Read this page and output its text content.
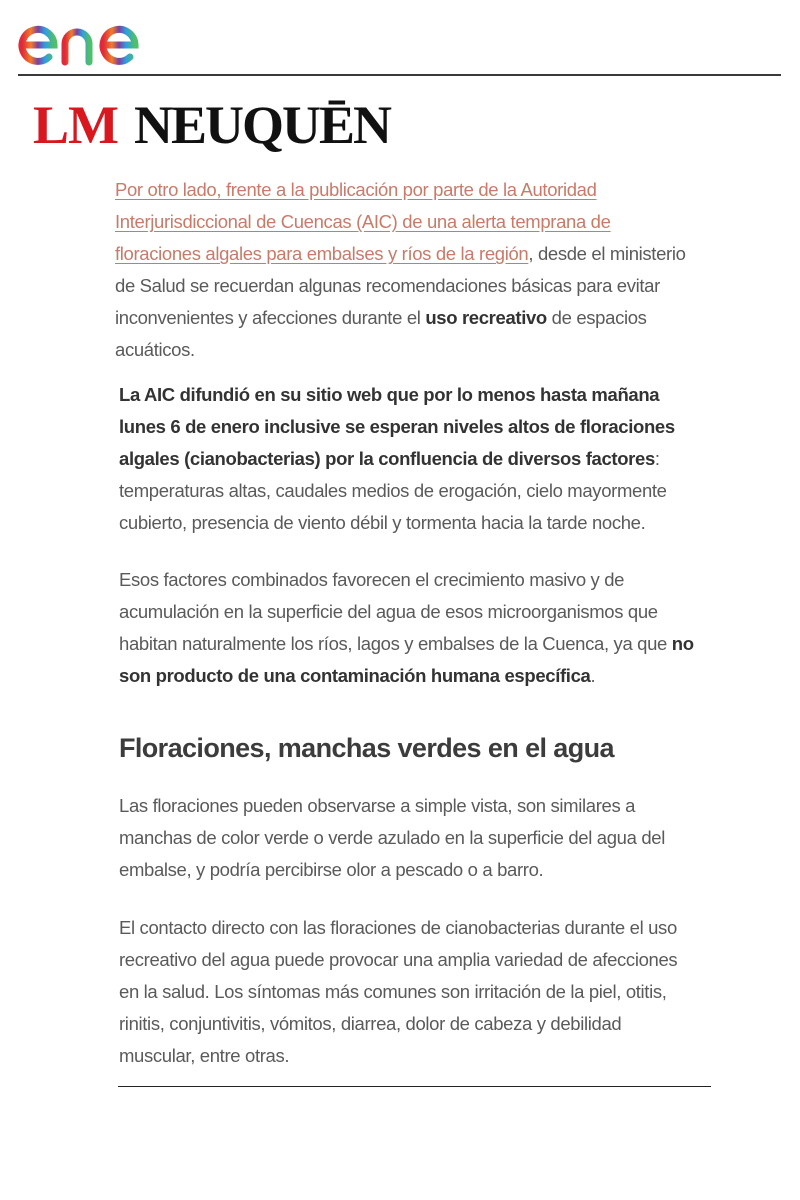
LM NEUQUĒN

Por otro lado, frente a la publicación por parte de la Autoridad Interjurisdiccional de Cuencas (AIC) de una alerta temprana de floraciones algales para embalses y ríos de la región, desde el ministerio de Salud se recuerdan algunas recomendaciones básicas para evitar inconvenientes y afecciones durante el uso recreativo de espacios acuáticos.

La AIC difundió en su sitio web que por lo menos hasta mañana lunes 6 de enero inclusive se esperan niveles altos de floraciones algales (cianobacterias) por la confluencia de diversos factores: temperaturas altas, caudales medios de erogación, cielo mayormente cubierto, presencia de viento débil y tormenta hacia la tarde noche.

Esos factores combinados favorecen el crecimiento masivo y de acumulación en la superficie del agua de esos microorganismos que habitan naturalmente los ríos, lagos y embalses de la Cuenca, ya que no son producto de una contaminación humana específica.

Floraciones, manchas verdes en el agua

Las floraciones pueden observarse a simple vista, son similares a manchas de color verde o verde azulado en la superficie del agua del embalse, y podría percibirse olor a pescado o a barro.

El contacto directo con las floraciones de cianobacterias durante el uso recreativo del agua puede provocar una amplia variedad de afecciones en la salud. Los síntomas más comunes son irritación de la piel, otitis, rinitis, conjuntivitis, vómitos, diarrea, dolor de cabeza y debilidad muscular, entre otras.
